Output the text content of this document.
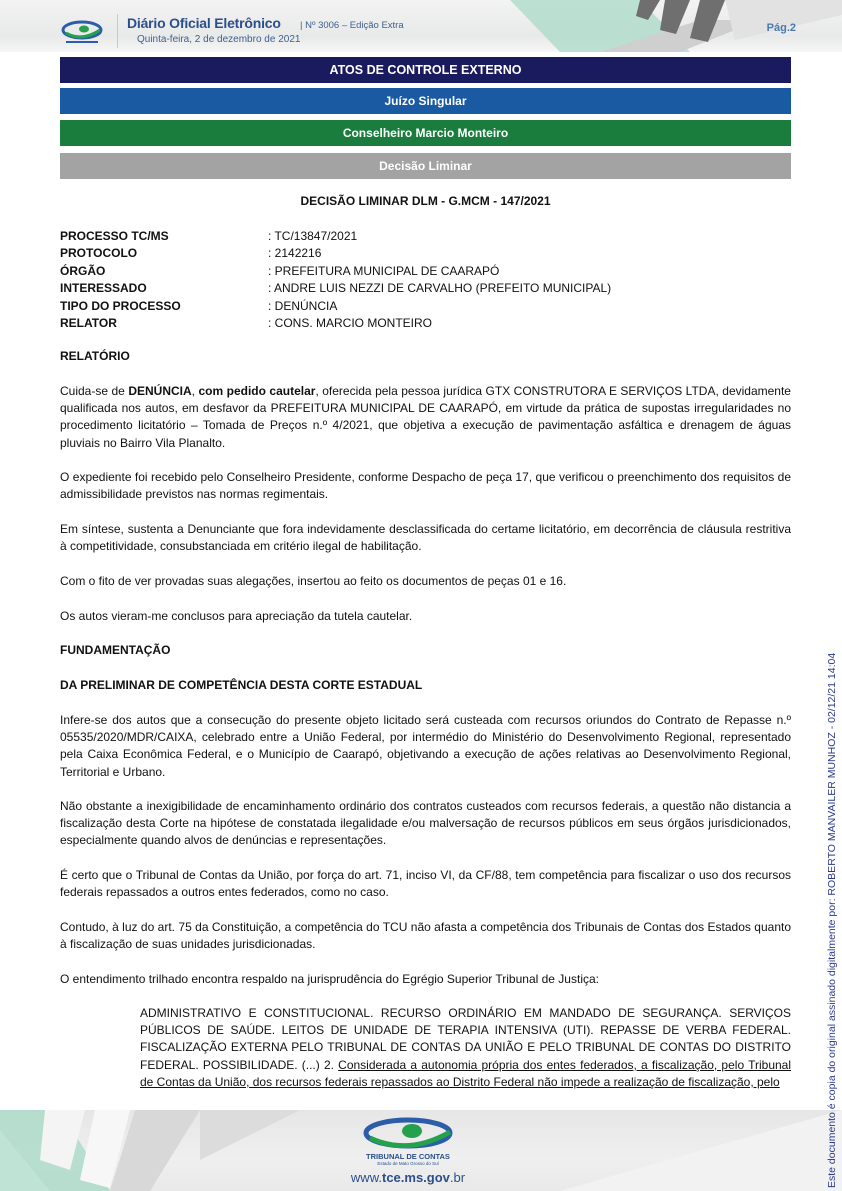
Diário Oficial Eletrônico | Nº 3006 – Edição Extra
Quinta-feira, 2 de dezembro de 2021
Pág.2
ATOS DE CONTROLE EXTERNO
Juízo Singular
Conselheiro Marcio Monteiro
Decisão Liminar
DECISÃO LIMINAR DLM - G.MCM - 147/2021
PROCESSO TC/MS	: TC/13847/2021
PROTOCOLO	: 2142216
ÓRGÃO	: PREFEITURA MUNICIPAL DE CAARAPÓ
INTERESSADO	: ANDRE LUIS NEZZI DE CARVALHO (PREFEITO MUNICIPAL)
TIPO DO PROCESSO	: DENÚNCIA
RELATOR	: CONS. MARCIO MONTEIRO

RELATÓRIO

Cuida-se de DENÚNCIA, com pedido cautelar, oferecida pela pessoa jurídica GTX CONSTRUTORA E SERVIÇOS LTDA, devidamente qualificada nos autos, em desfavor da PREFEITURA MUNICIPAL DE CAARAPÓ, em virtude da prática de supostas irregularidades no procedimento licitatório – Tomada de Preços n.º 4/2021, que objetiva a execução de pavimentação asfáltica e drenagem de águas pluviais no Bairro Vila Planalto.

O expediente foi recebido pelo Conselheiro Presidente, conforme Despacho de peça 17, que verificou o preenchimento dos requisitos de admissibilidade previstos nas normas regimentais.

Em síntese, sustenta a Denunciante que fora indevidamente desclassificada do certame licitatório, em decorrência de cláusula restritiva à competitividade, consubstanciada em critério ilegal de habilitação.

Com o fito de ver provadas suas alegações, insertou ao feito os documentos de peças 01 e 16.

Os autos vieram-me conclusos para apreciação da tutela cautelar.

FUNDAMENTAÇÃO

DA PRELIMINAR DE COMPETÊNCIA DESTA CORTE ESTADUAL

Infere-se dos autos que a consecução do presente objeto licitado será custeada com recursos oriundos do Contrato de Repasse n.º 05535/2020/MDR/CAIXA, celebrado entre a União Federal, por intermédio do Ministério do Desenvolvimento Regional, representado pela Caixa Econômica Federal, e o Município de Caarapó, objetivando a execução de ações relativas ao Desenvolvimento Regional, Territorial e Urbano.

Não obstante a inexigibilidade de encaminhamento ordinário dos contratos custeados com recursos federais, a questão não distancia a fiscalização desta Corte na hipótese de constatada ilegalidade e/ou malversação de recursos públicos em seus órgãos jurisdicionados, especialmente quando alvos de denúncias e representações.

É certo que o Tribunal de Contas da União, por força do art. 71, inciso VI, da CF/88, tem competência para fiscalizar o uso dos recursos federais repassados a outros entes federados, como no caso.

Contudo, à luz do art. 75 da Constituição, a competência do TCU não afasta a competência dos Tribunais de Contas dos Estados quanto à fiscalização de suas unidades jurisdicionadas.

O entendimento trilhado encontra respaldo na jurisprudência do Egrégio Superior Tribunal de Justiça:

ADMINISTRATIVO E CONSTITUCIONAL. RECURSO ORDINÁRIO EM MANDADO DE SEGURANÇA. SERVIÇOS PÚBLICOS DE SAÚDE. LEITOS DE UNIDADE DE TERAPIA INTENSIVA (UTI). REPASSE DE VERBA FEDERAL. FISCALIZAÇÃO EXTERNA PELO TRIBUNAL DE CONTAS DA UNIÃO E PELO TRIBUNAL DE CONTAS DO DISTRITO FEDERAL. POSSIBILIDADE. (...) 2. Considerada a autonomia própria dos entes federados, a fiscalização, pelo Tribunal de Contas da União, dos recursos federais repassados ao Distrito Federal não impede a realização de fiscalização, pelo

TRIBUNAL DE CONTAS
Estado de Mato Grosso do Sul
www.tce.ms.gov.br	Este documento é copia do original assinado digitalmente por: ROBERTO MANVAILER MUNHOZ - 02/12/21 14:04
